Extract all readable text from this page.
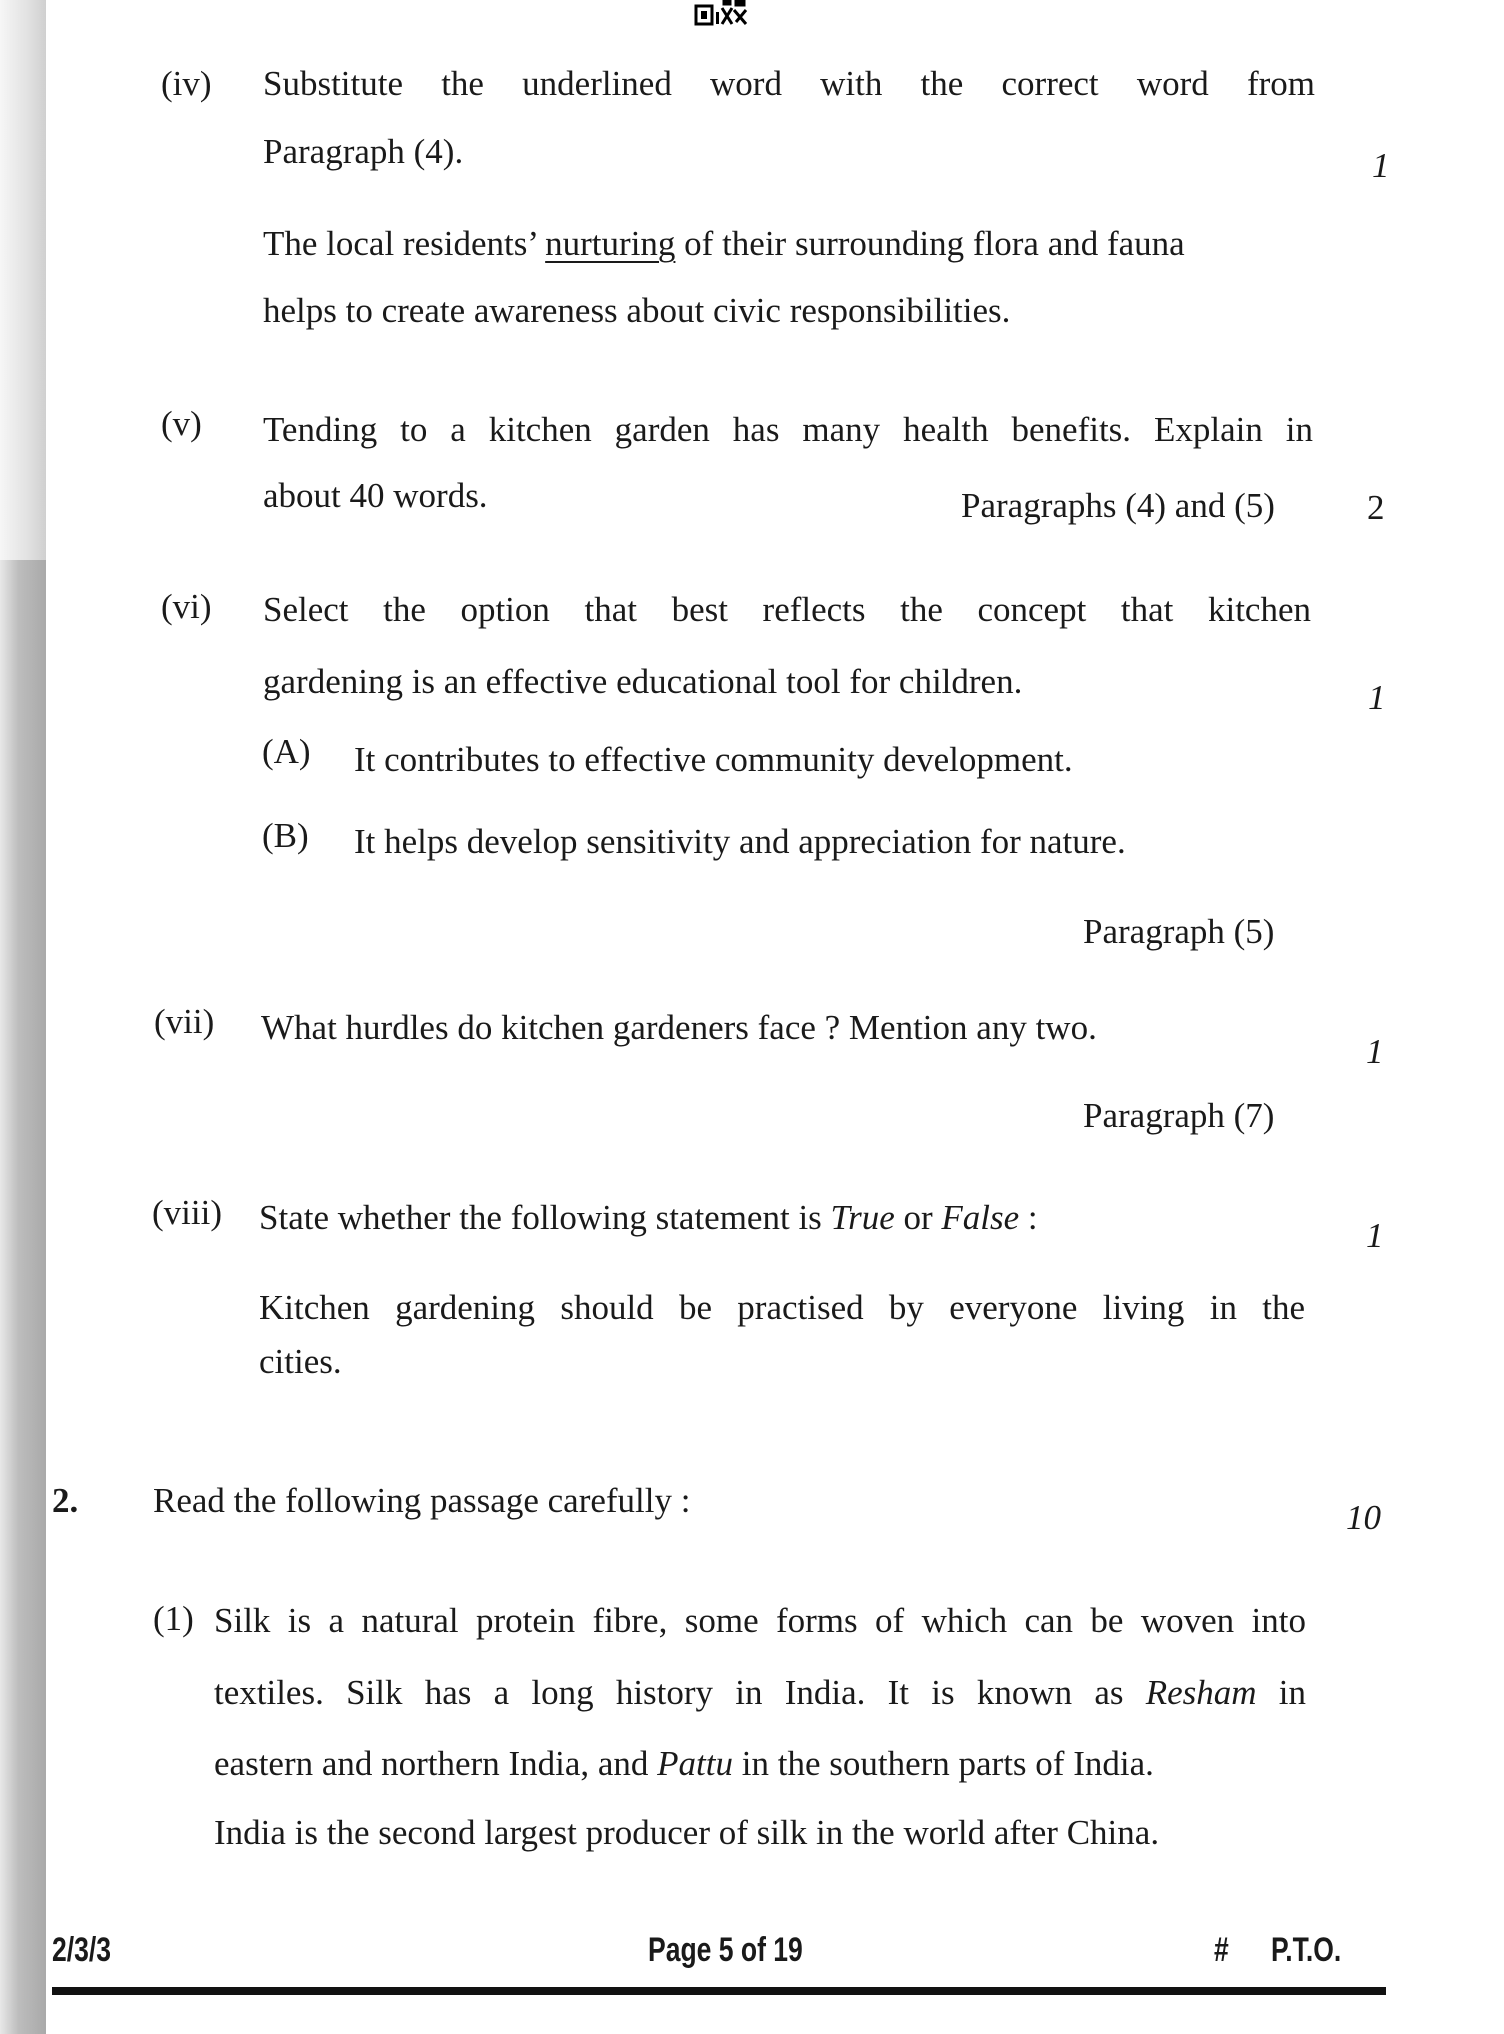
(iv) Substitute the underlined word with the correct word from
Paragraph (4).	1
The local residents’ nurturing of their surrounding flora and fauna
helps to create awareness about civic responsibilities.
(v) Tending to a kitchen garden has many health benefits. Explain in
about 40 words.	Paragraphs (4) and (5)	2
(vi) Select the option that best reflects the concept that kitchen
gardening is an effective educational tool for children.	1
(A) It contributes to effective community development.
(B) It helps develop sensitivity and appreciation for nature.
Paragraph (5)
(vii) What hurdles do kitchen gardeners face ? Mention any two.
1
Paragraph (7)
(viii) State whether the following statement is True or False :	1
Kitchen gardening should be practised by everyone living in the
cities.
2. Read the following passage carefully :	10
(1) Silk is a natural protein fibre, some forms of which can be woven into
textiles. Silk has a long history in India. It is known as Resham in
eastern and northern India, and Pattu in the southern parts of India.
India is the second largest producer of silk in the world after China.
2/3/3	Page 5 of 19	# P.T.O.
